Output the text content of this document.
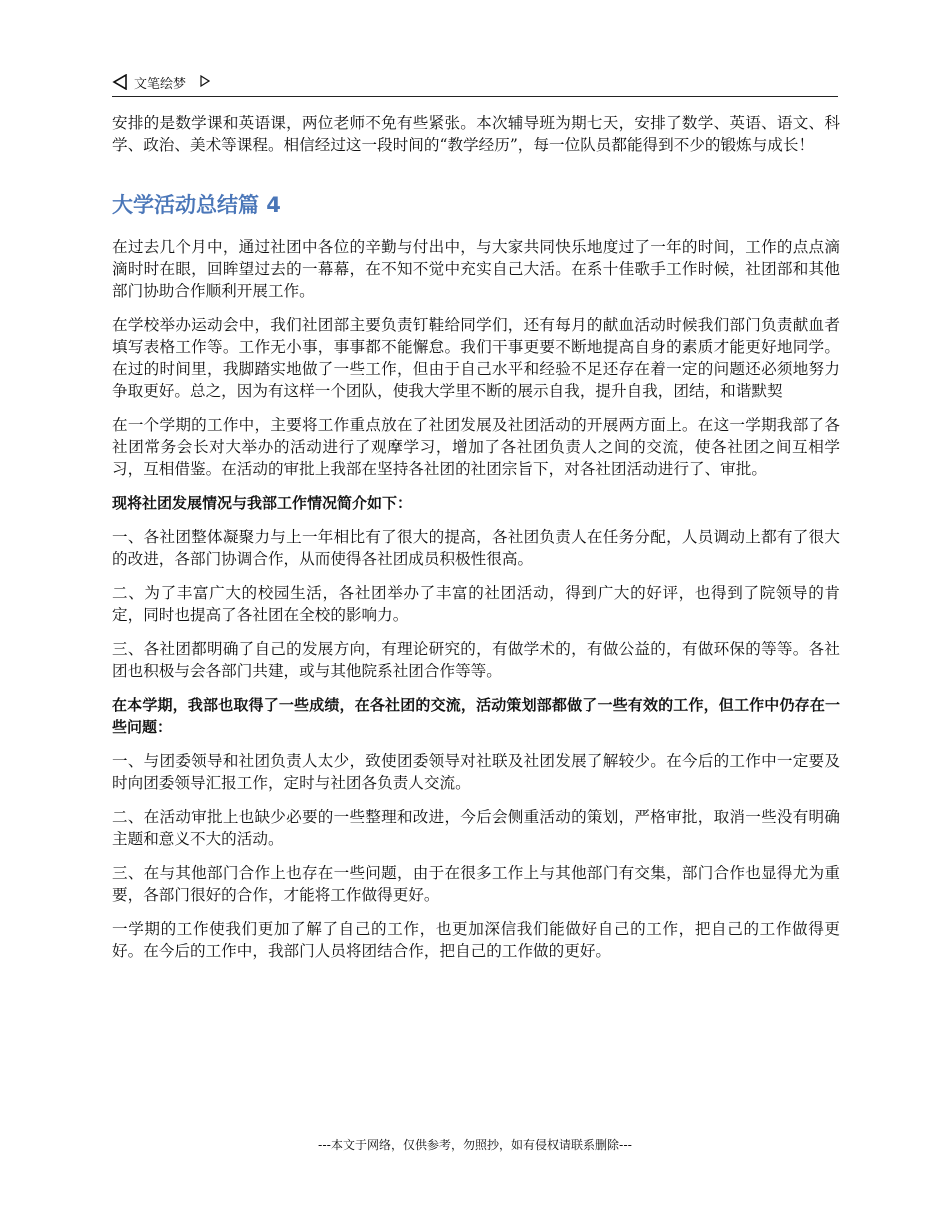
文笔绘梦

安排的是数学课和英语课，两位老师不免有些紧张。本次辅导班为期七天，安排了数学、英语、语文、科学、政治、美术等课程。相信经过这一段时间的“教学经历”，每一位队员都能得到不少的锻炼与成长！

大学活动总结篇 4

在过去几个月中，通过社团中各位的辛勤与付出中，与大家共同快乐地度过了一年的时间，工作的点点滴滴时时在眼，回眸望过去的一幕幕，在不知不觉中充实自己大活。在系十佳歌手工作时候，社团部和其他部门协助合作顺利开展工作。

在学校举办运动会中，我们社团部主要负责钉鞋给同学们，还有每月的献血活动时候我们部门负责献血者填写表格工作等。工作无小事，事事都不能懈怠。我们干事更要不断地提高自身的素质才能更好地同学。在过的时间里，我脚踏实地做了一些工作，但由于自己水平和经验不足还存在着一定的问题还必须地努力争取更好。总之，因为有这样一个团队，使我大学里不断的展示自我，提升自我，团结，和谐默契

在一个学期的工作中，主要将工作重点放在了社团发展及社团活动的开展两方面上。在这一学期我部了各社团常务会长对大举办的活动进行了观摩学习，增加了各社团负责人之间的交流，使各社团之间互相学习，互相借鉴。在活动的审批上我部在坚持各社团的社团宗旨下，对各社团活动进行了、审批。

现将社团发展情况与我部工作情况简介如下：

一、各社团整体凝聚力与上一年相比有了很大的提高，各社团负责人在任务分配，人员调动上都有了很大的改进，各部门协调合作，从而使得各社团成员积极性很高。

二、为了丰富广大的校园生活，各社团举办了丰富的社团活动，得到广大的好评，也得到了院领导的肯定，同时也提高了各社团在全校的影响力。

三、各社团都明确了自己的发展方向，有理论研究的，有做学术的，有做公益的，有做环保的等等。各社团也积极与会各部门共建，或与其他院系社团合作等等。

在本学期，我部也取得了一些成绩，在各社团的交流，活动策划部都做了一些有效的工作，但工作中仍存在一些问题：

一、与团委领导和社团负责人太少，致使团委领导对社联及社团发展了解较少。在今后的工作中一定要及时向团委领导汇报工作，定时与社团各负责人交流。

二、在活动审批上也缺少必要的一些整理和改进，今后会侧重活动的策划，严格审批，取消一些没有明确主题和意义不大的活动。

三、在与其他部门合作上也存在一些问题，由于在很多工作上与其他部门有交集，部门合作也显得尤为重要，各部门很好的合作，才能将工作做得更好。

一学期的工作使我们更加了解了自己的工作，也更加深信我们能做好自己的工作，把自己的工作做得更好。在今后的工作中，我部门人员将团结合作，把自己的工作做的更好。

---本文于网络，仅供参考，勿照抄，如有侵权请联系删除---
